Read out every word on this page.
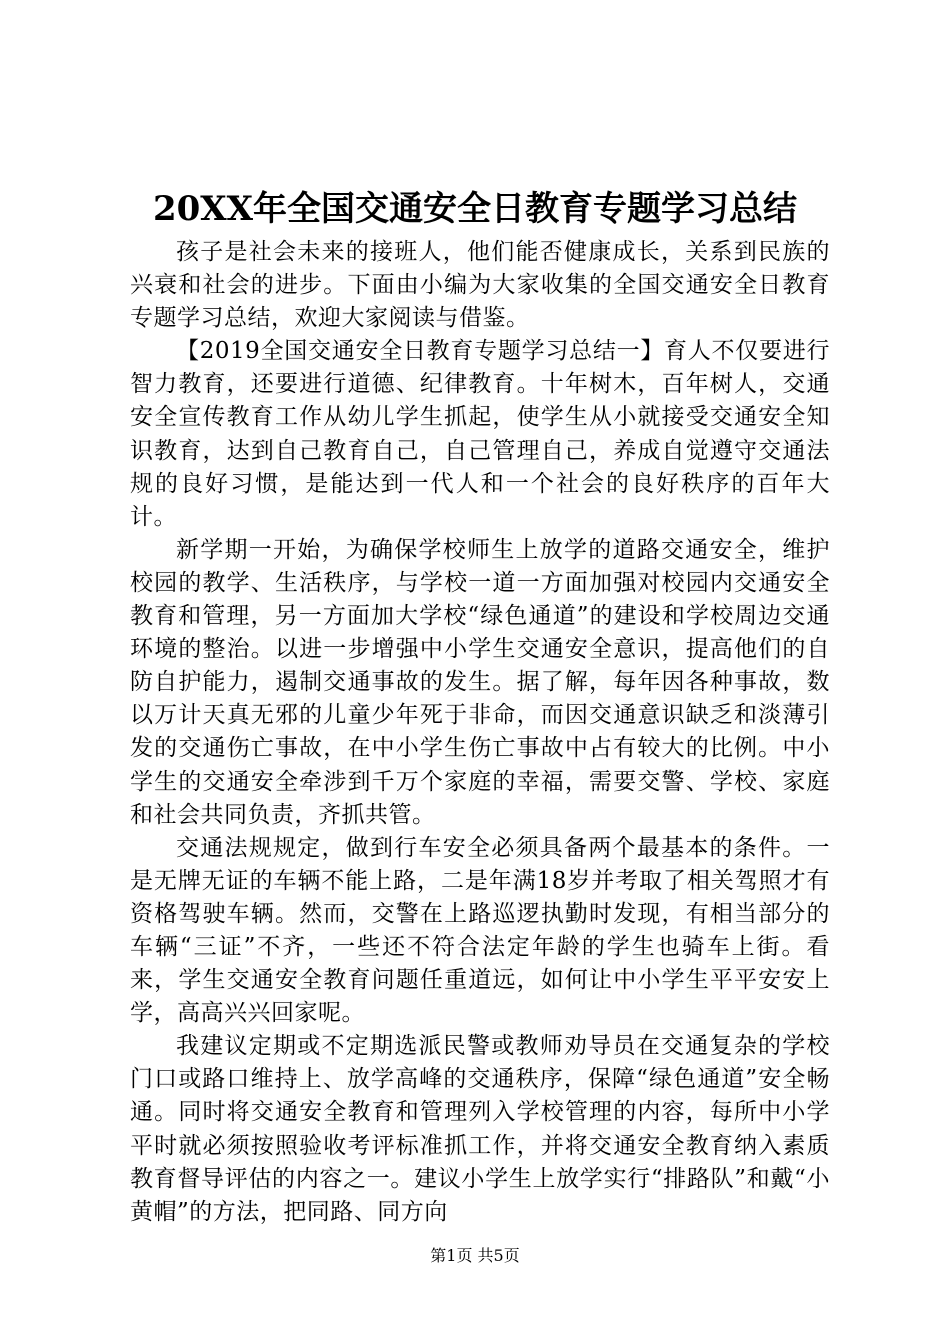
20XX年全国交通安全日教育专题学习总结

孩子是社会未来的接班人，他们能否健康成长，关系到民族的兴衰和社会的进步。下面由小编为大家收集的全国交通安全日教育专题学习总结，欢迎大家阅读与借鉴。

【2019全国交通安全日教育专题学习总结一】育人不仅要进行智力教育，还要进行道德、纪律教育。十年树木，百年树人，交通安全宣传教育工作从幼儿学生抓起，使学生从小就接受交通安全知识教育，达到自己教育自己，自己管理自己，养成自觉遵守交通法规的良好习惯，是能达到一代人和一个社会的良好秩序的百年大计。

新学期一开始，为确保学校师生上放学的道路交通安全，维护校园的教学、生活秩序，与学校一道一方面加强对校园内交通安全教育和管理，另一方面加大学校“绿色通道”的建设和学校周边交通环境的整治。以进一步增强中小学生交通安全意识，提高他们的自防自护能力，遏制交通事故的发生。据了解，每年因各种事故，数以万计天真无邪的儿童少年死于非命，而因交通意识缺乏和淡薄引发的交通伤亡事故，在中小学生伤亡事故中占有较大的比例。中小学生的交通安全牵涉到千万个家庭的幸福，需要交警、学校、家庭和社会共同负责，齐抓共管。

交通法规规定，做到行车安全必须具备两个最基本的条件。一是无牌无证的车辆不能上路，二是年满18岁并考取了相关驾照才有资格驾驶车辆。然而，交警在上路巡逻执勤时发现，有相当部分的车辆“三证”不齐，一些还不符合法定年龄的学生也骑车上街。看来，学生交通安全教育问题任重道远，如何让中小学生平平安安上学，高高兴兴回家呢。

我建议定期或不定期选派民警或教师劝导员在交通复杂的学校门口或路口维持上、放学高峰的交通秩序，保障“绿色通道”安全畅通。同时将交通安全教育和管理列入学校管理的内容，每所中小学平时就必须按照验收考评标准抓工作，并将交通安全教育纳入素质教育督导评估的内容之一。建议小学生上放学实行“排路队”和戴“小黄帽”的方法，把同路、同方向

第1页 共5页
